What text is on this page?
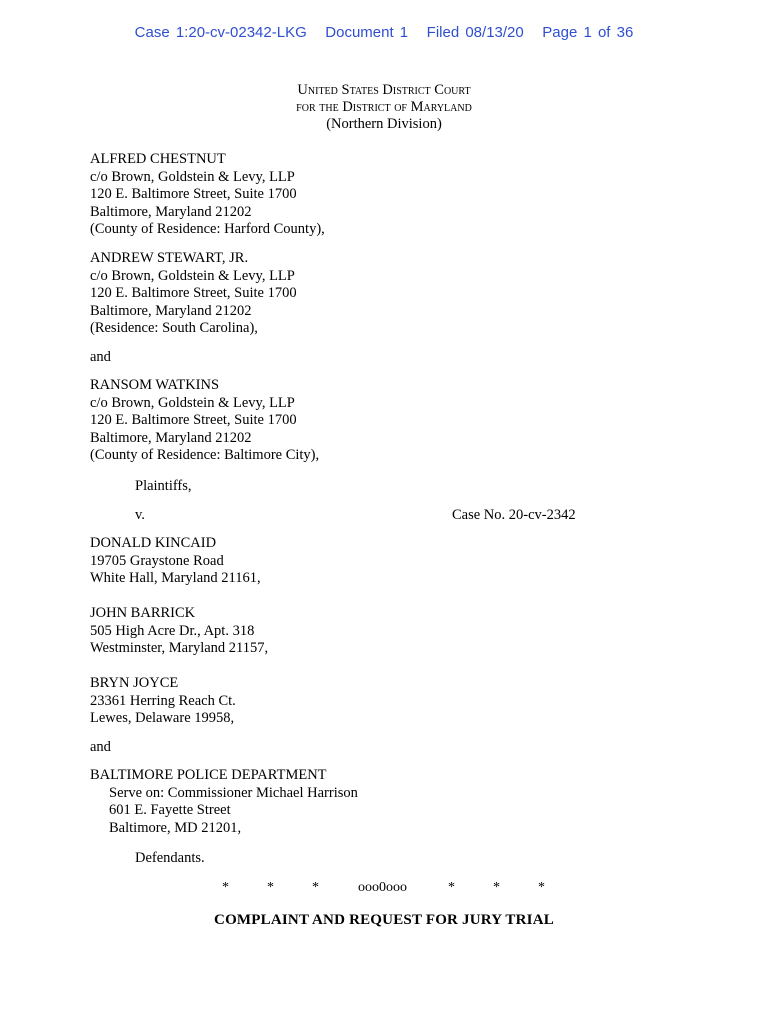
Case 1:20-cv-02342-LKG Document 1 Filed 08/13/20 Page 1 of 36
United States District Court
for the District of Maryland
(Northern Division)
ALFRED CHESTNUT
c/o Brown, Goldstein & Levy, LLP
120 E. Baltimore Street, Suite 1700
Baltimore, Maryland 21202
(County of Residence: Harford County),
ANDREW STEWART, JR.
c/o Brown, Goldstein & Levy, LLP
120 E. Baltimore Street, Suite 1700
Baltimore, Maryland 21202
(Residence: South Carolina),
and
RANSOM WATKINS
c/o Brown, Goldstein & Levy, LLP
120 E. Baltimore Street, Suite 1700
Baltimore, Maryland 21202
(County of Residence: Baltimore City),
Plaintiffs,
v.	Case No. 20-cv-2342
DONALD KINCAID
19705 Graystone Road
White Hall, Maryland 21161,
JOHN BARRICK
505 High Acre Dr., Apt. 318
Westminster, Maryland 21157,
BRYN JOYCE
23361 Herring Reach Ct.
Lewes, Delaware 19958,
and
BALTIMORE POLICE DEPARTMENT
Serve on: Commissioner Michael Harrison
601 E. Fayette Street
Baltimore, MD 21201,
Defendants.
*	*	*	ooo0ooo	*	*	*
COMPLAINT AND REQUEST FOR JURY TRIAL
